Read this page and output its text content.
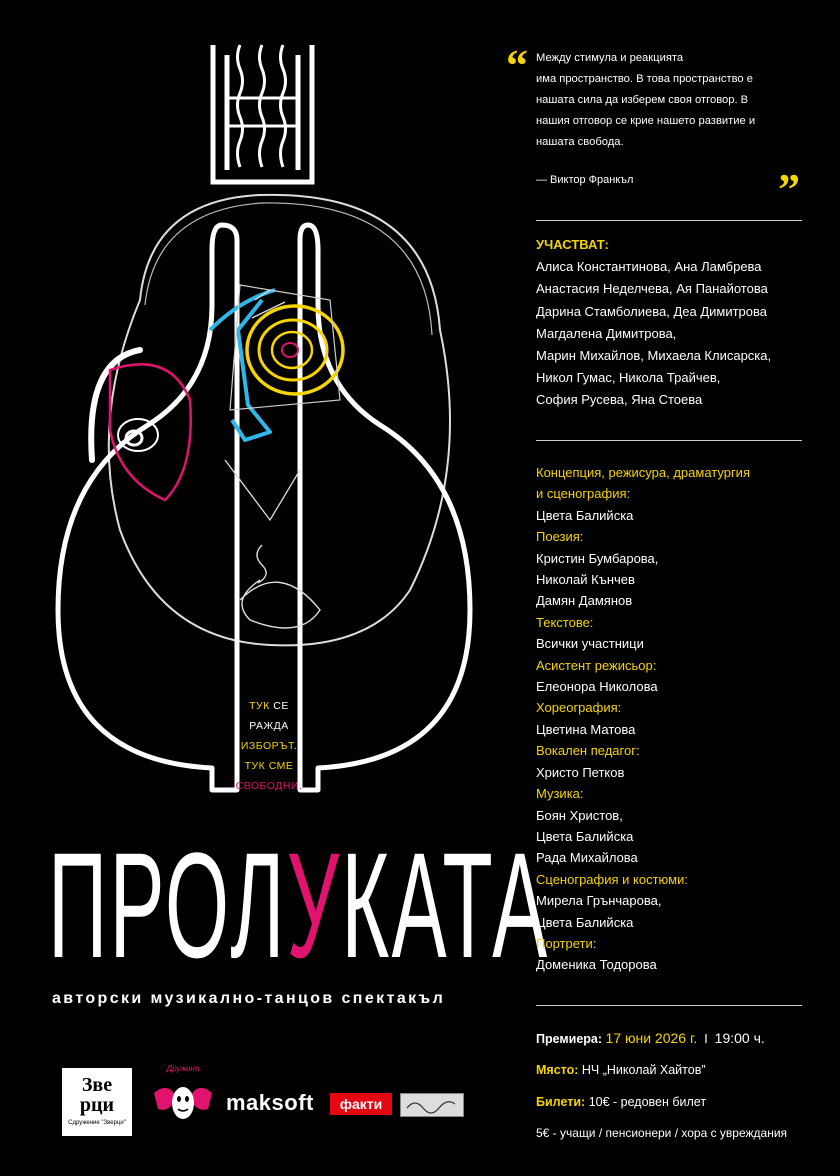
ТУК СЕ
РАЖДА
ИЗБОРЪТ.
ТУК СМЕ
СВОБОДНИ.
ПРОЛУКАТА
авторски музикално-танцов спектакъл
“
”

Между стимула и реакцията

има пространство. В това пространство е

нашата сила да изберем своя отговор. В

нашия отговор се крие нашето развитие и

нашата свобода.

— Виктор Франкъл
УЧАСТВАТ:
Алиса Константинова, Ана Ламбрева
Анастасия Неделчева, Ая Панайотова
Дарина Стамболиева, Деа Димитрова
Магдалена Димитрова,
Марин Михайлов, Михаела Клисарска,
Никол Гумас, Никола Трайчев,
София Русева, Яна Стоева
Концепция, режисура, драматургия
и сценография:
Цвета Балийска
Поезия:
Кристин Бумбарова,
Николай Кънчев
Дамян Дамянов
Текстове:
Всички участници
Асистент режисьор:
Елеонора Николова
Хореография:
Цветина Матова
Вокален педагог:
Христо Петков
Музика:
Боян Христов,
Цвета Балийска
Рада Михайлова
Сценография и костюми:
Мирела Грънчарова,
Цвета Балийска
Портрети:
Доменика Тодорова
Премиера: 17 юни 2026 г. I 19:00 ч.
Място: НЧ „Николай Хайтов”
Билети: 10€ - редовен билет
5€ - учащи / пенсионери / хора с увреждания
Зве
рци
Сдружение "Зверци"
Дружина
maksoft	факти
